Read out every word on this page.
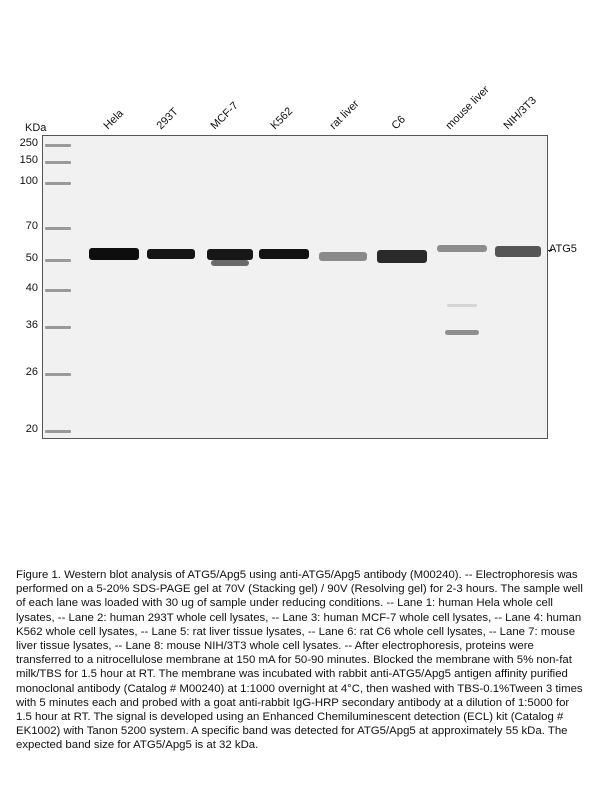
Hela	293T	MCF-7	K562	rat liver	C6	mouse liver NIH/3T3
KDa
250
150
100
70
50
40
36
26
20
ATG5
Figure 1. Western blot analysis of ATG5/Apg5 using anti-ATG5/Apg5 antibody (M00240). -- Electrophoresis was performed on a 5-20% SDS-PAGE gel at 70V (Stacking gel) / 90V (Resolving gel) for 2-3 hours. The sample well of each lane was loaded with 30 ug of sample under reducing conditions. -- Lane 1: human Hela whole cell lysates, -- Lane 2: human 293T whole cell lysates, -- Lane 3: human MCF-7 whole cell lysates, -- Lane 4: human K562 whole cell lysates, -- Lane 5: rat liver tissue lysates, -- Lane 6: rat C6 whole cell lysates, -- Lane 7: mouse liver tissue lysates, -- Lane 8: mouse NIH/3T3 whole cell lysates. -- After electrophoresis, proteins were transferred to a nitrocellulose membrane at 150 mA for 50-90 minutes. Blocked the membrane with 5% non-fat milk/TBS for 1.5 hour at RT. The membrane was incubated with rabbit anti-ATG5/Apg5 antigen affinity purified monoclonal antibody (Catalog # M00240) at 1:1000 overnight at 4°C, then washed with TBS-0.1%Tween 3 times with 5 minutes each and probed with a goat anti-rabbit IgG-HRP secondary antibody at a dilution of 1:5000 for 1.5 hour at RT. The signal is developed using an Enhanced Chemiluminescent detection (ECL) kit (Catalog # EK1002) with Tanon 5200 system. A specific band was detected for ATG5/Apg5 at approximately 55 kDa. The expected band size for ATG5/Apg5 is at 32 kDa.
